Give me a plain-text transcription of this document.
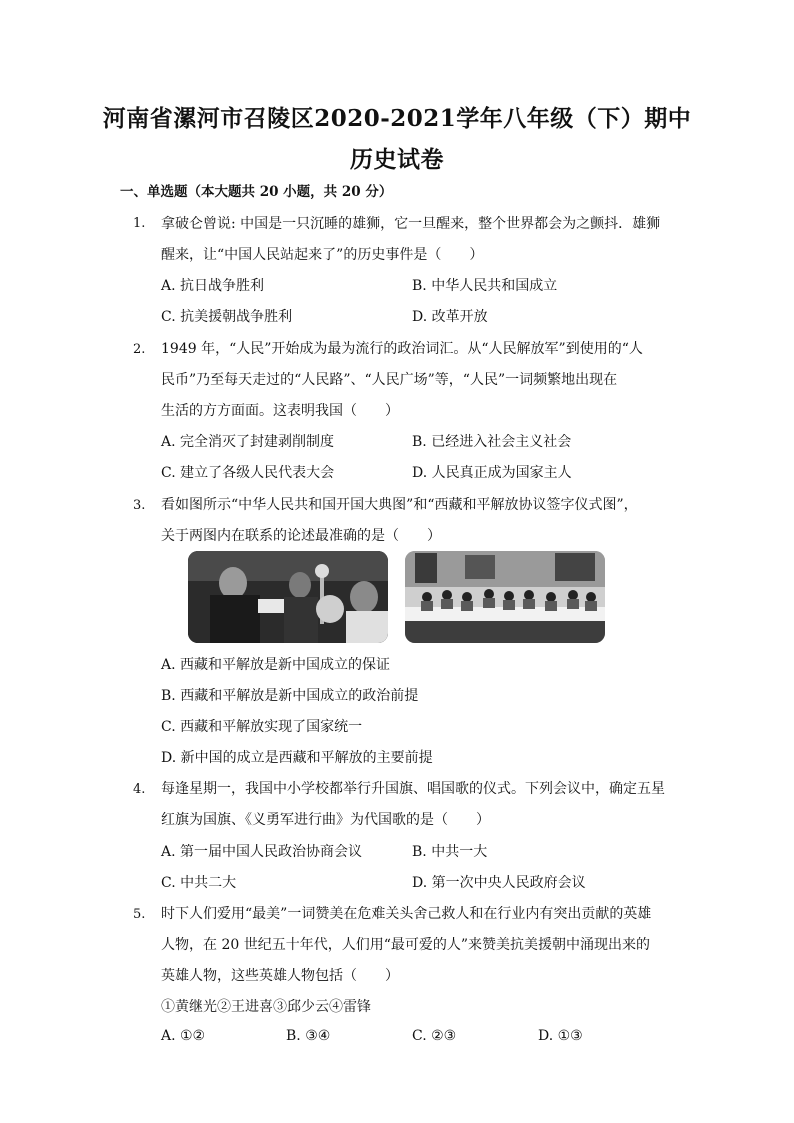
河南省漯河市召陵区2020-2021学年八年级（下）期中
历史试卷
一、单选题（本大题共 20 小题，共 20 分）
1. 拿破仑曾说: 中国是一只沉睡的雄狮，它一旦醒来，整个世界都会为之颤抖．雄狮
醒来，让“中国人民站起来了”的历史事件是（　　）
A. 抗日战争胜利	B. 中华人民共和国成立
C. 抗美援朝战争胜利	D. 改革开放
2. 1949 年，“人民”开始成为最为流行的政治词汇。从“人民解放军”到使用的“人
民币”乃至每天走过的“人民路”、“人民广场”等，“人民”一词频繁地出现在
生活的方方面面。这表明我国（　　）
A. 完全消灭了封建剥削制度	B. 已经进入社会主义社会
C. 建立了各级人民代表大会	D. 人民真正成为国家主人
3. 看如图所示“中华人民共和国开国大典图”和“西藏和平解放协议签字仪式图”，
关于两图内在联系的论述最准确的是（　　）
A. 西藏和平解放是新中国成立的保证
B. 西藏和平解放是新中国成立的政治前提
C. 西藏和平解放实现了国家统一
D. 新中国的成立是西藏和平解放的主要前提
4. 每逢星期一，我国中小学校都举行升国旗、唱国歌的仪式。下列会议中，确定五星
红旗为国旗、《义勇军进行曲》为代国歌的是（　　）
A. 第一届中国人民政治协商会议	B. 中共一大
C. 中共二大	D. 第一次中央人民政府会议
5. 时下人们爱用“最美”一词赞美在危难关头舍己救人和在行业内有突出贡献的英雄
人物，在 20 世纪五十年代，人们用“最可爱的人”来赞美抗美援朝中涌现出来的
英雄人物，这些英雄人物包括（　　）
①黄继光②王进喜③邱少云④雷锋
A. ①②	B. ③④	C. ②③	D. ①③
